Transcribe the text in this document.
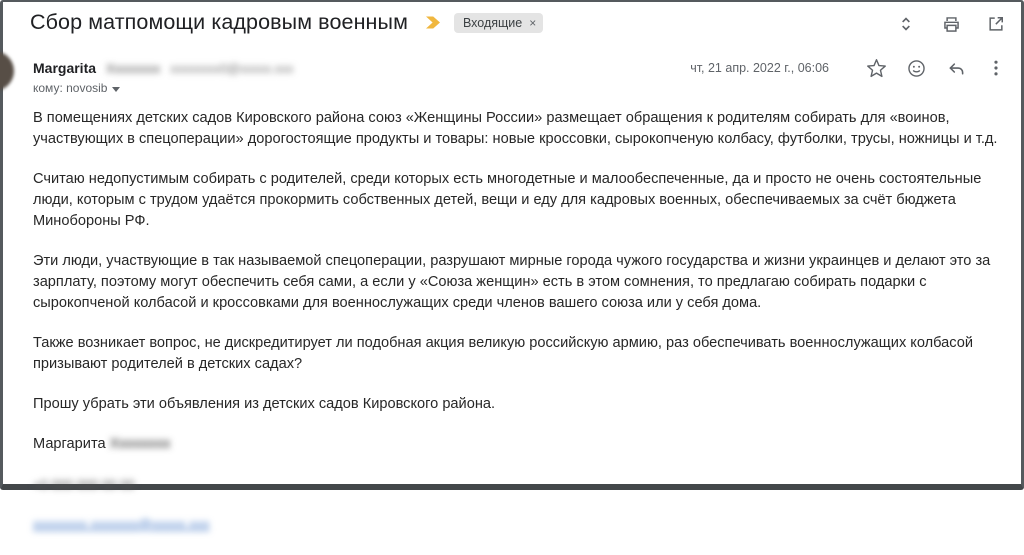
Сбор матпомощи кадровым военным	Входящие ×
Margarita Xxxxxxxx xxxxxxxx0@xxxxx.xxx	чт, 21 апр. 2022 г., 06:06
кому: novosib

В помещениях детских садов Кировского района союз «Женщины России» размещает обращения к родителям собирать для «воинов, участвующих в спецоперации» дорогостоящие продукты и товары: новые кроссовки, сырокопченую колбасу, футболки, трусы, ножницы и т.д.

Считаю недопустимым собирать с родителей, среди которых есть многодетные и малообеспеченные, да и просто не очень состоятельные люди, которым с трудом удаётся прокормить собственных детей, вещи и еду для кадровых военных, обеспечиваемых за счёт бюджета Минобороны РФ.

Эти люди, участвующие в так называемой спецоперации, разрушают мирные города чужого государства и жизни украинцев и делают это за зарплату, поэтому могут обеспечить себя сами, а если у «Союза женщин» есть в этом сомнения, то предлагаю собирать подарки с сырокопченой колбасой и кроссовками для военнослужащих среди членов вашего союза или у себя дома.

Также возникает вопрос, не дискредитирует ли подобная акция великую российскую армию, раз обеспечивать военнослужащих колбасой призывают родителей в детских садах?

Прошу убрать эти объявления из детских садов Кировского района.

Маргарита Xxxxxxxx

+0 000 000 00 00

xxxxxxxx.xxxxxxx@xxxxx.xxx
